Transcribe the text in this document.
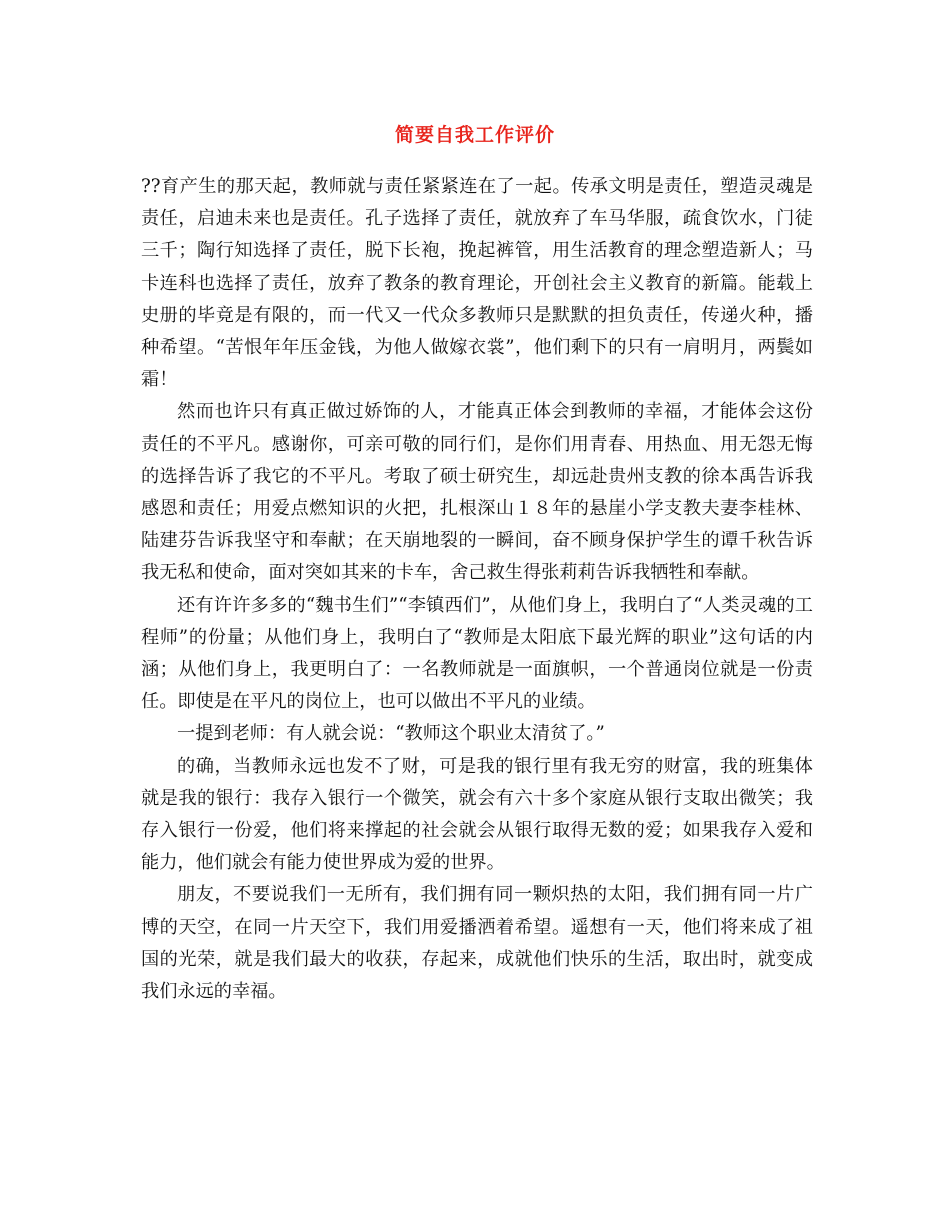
简要自我工作评价

??育产生的那天起，教师就与责任紧紧连在了一起。传承文明是责任，塑造灵魂是责任，启迪未来也是责任。孔子选择了责任，就放弃了车马华服，疏食饮水，门徒三千；陶行知选择了责任，脱下长袍，挽起裤管，用生活教育的理念塑造新人；马卡连科也选择了责任，放弃了教条的教育理论，开创社会主义教育的新篇。能载上史册的毕竟是有限的，而一代又一代众多教师只是默默的担负责任，传递火种，播种希望。“苦恨年年压金钱，为他人做嫁衣裳”，他们剩下的只有一肩明月，两鬓如霜！

然而也许只有真正做过娇饰的人，才能真正体会到教师的幸福，才能体会这份责任的不平凡。感谢你，可亲可敬的同行们，是你们用青春、用热血、用无怨无悔的选择告诉了我它的不平凡。考取了硕士研究生，却远赴贵州支教的徐本禹告诉我感恩和责任；用爱点燃知识的火把，扎根深山１８年的悬崖小学支教夫妻李桂林、陆建芬告诉我坚守和奉献；在天崩地裂的一瞬间，奋不顾身保护学生的谭千秋告诉我无私和使命，面对突如其来的卡车，舍己救生得张莉莉告诉我牺牲和奉献。

还有许许多多的“魏书生们”“李镇西们”，从他们身上，我明白了“人类灵魂的工程师”的份量；从他们身上，我明白了“教师是太阳底下最光辉的职业”这句话的内涵；从他们身上，我更明白了：一名教师就是一面旗帜，一个普通岗位就是一份责任。即使是在平凡的岗位上，也可以做出不平凡的业绩。

一提到老师：有人就会说：“教师这个职业太清贫了。”

的确，当教师永远也发不了财，可是我的银行里有我无穷的财富，我的班集体就是我的银行：我存入银行一个微笑，就会有六十多个家庭从银行支取出微笑；我存入银行一份爱，他们将来撑起的社会就会从银行取得无数的爱；如果我存入爱和能力，他们就会有能力使世界成为爱的世界。

朋友，不要说我们一无所有，我们拥有同一颗炽热的太阳，我们拥有同一片广博的天空，在同一片天空下，我们用爱播洒着希望。遥想有一天，他们将来成了祖国的光荣，就是我们最大的收获，存起来，成就他们快乐的生活，取出时，就变成我们永远的幸福。
